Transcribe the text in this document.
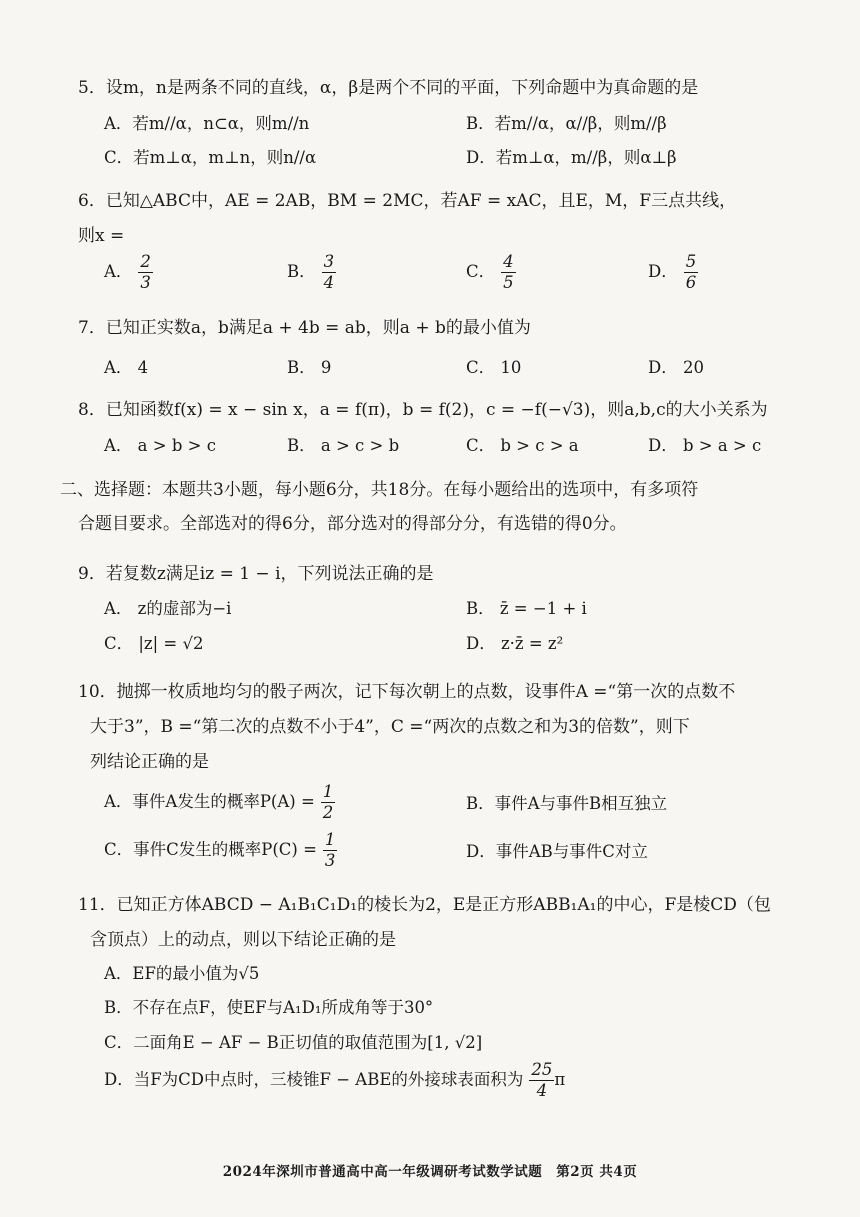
5．设m，n是两条不同的直线，α，β是两个不同的平面，下列命题中为真命题的是
A．若m//α，n⊂α，则m//n	B．若m//α，α//β，则m//β
C．若m⊥α，m⊥n，则n//α	D．若m⊥α，m//β，则α⊥β
6．已知△ABC中，AE = 2AB，BM = 2MC，若AF = xAC，且E，M，F三点共线，
则x =
A． $\frac{2}{3}$	B． $\frac{3}{4}$	C． $\frac{4}{5}$	D． $\frac{5}{6}$
7．已知正实数a，b满足a + 4b = ab，则a + b的最小值为
A． 4	B． 9	C． 10	D． 20
8．已知函数f(x) = x − sin x，a = f(π)，b = f(2)，c = −f(−√3)，则a,b,c的大小关系为
A． a > b > c	B． a > c > b	C． b > c > a	D． b > a > c
二、选择题：本题共3小题，每小题6分，共18分。在每小题给出的选项中，有多项符
合题目要求。全部选对的得6分，部分选对的得部分分，有选错的得0分。
9．若复数z满足iz = 1 − i，下列说法正确的是
A． z的虚部为−i	B． z̄ = −1 + i
C． |z| = √2	D． z·z̄ = z²
10．抛掷一枚质地均匀的骰子两次，记下每次朝上的点数，设事件A =“第一次的点数不
大于3”，B =“第二次的点数不小于4”，C =“两次的点数之和为3的倍数”，则下
列结论正确的是
A．事件A发生的概率$P(A) = \frac{1}{2}$	B．事件A与事件B相互独立
C．事件C发生的概率$P(C) = \frac{1}{3}$	D．事件AB与事件C对立
11．已知正方体ABCD − A₁B₁C₁D₁的棱长为2，E是正方形ABB₁A₁的中心，F是棱CD（包
含顶点）上的动点，则以下结论正确的是
A．EF的最小值为√5
B．不存在点F，使EF与A₁D₁所成角等于30°
C．二面角E − AF − B正切值的取值范围为[1, √2]
D．当F为CD中点时，三棱锥F − ABE的外接球表面积为 $\frac{25}{4}$ π
2024年深圳市普通高中高一年级调研考试数学试题　第2页 共4页
